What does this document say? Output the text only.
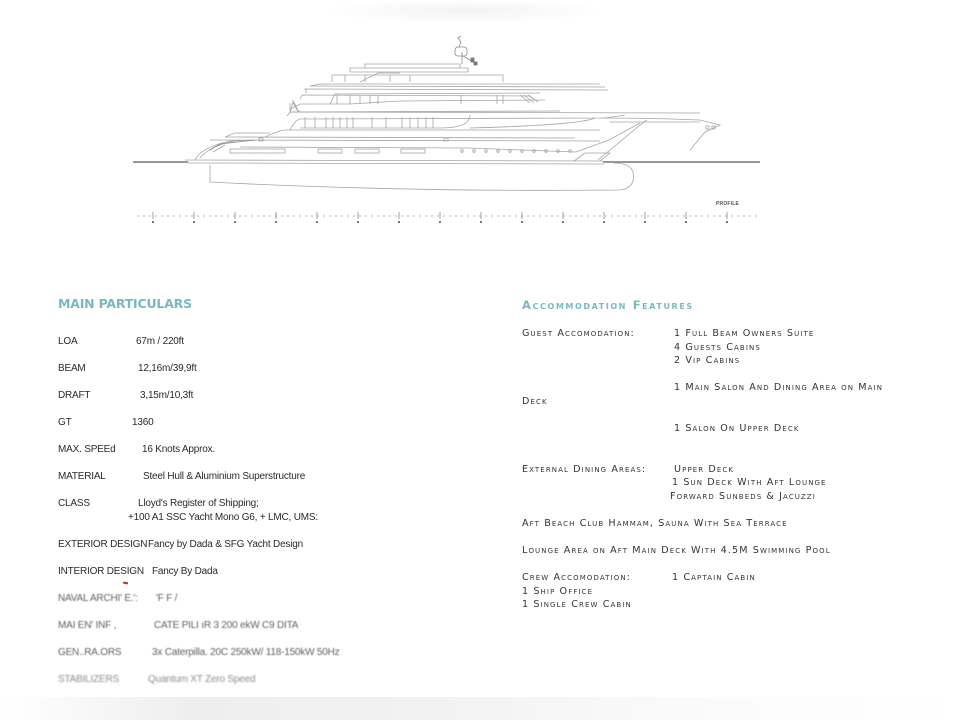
PROFILE
MAIN PARTICULARS
LOA	67m / 220ft
BEAM	12,16m/39,9ft
DRAFT	3,15m/10,3ft
GT	1360
MAX. SPEEd	16 Knots Approx.
MATERIAL	Steel Hull & Aluminium Superstructure
CLASS	Lloyd's Register of Shipping;
+100 A1 SSC Yacht Mono G6, + LMC, UMS:
EXTERIOR DESIGN Fancy by Dada & SFG Yacht Design
INTERIOR DESIGN Fancy By Dada
NAVAL ARCHI' E.': 'F F /
MAI EN' INF ,	CATE PILI ıR 3 200 ekW C9 DITA
GEN..RA.ORS	3x Caterpilla. 20C 250kW/ 118-150kW 50Hz
STABILIZERS	Quantum XT Zero Speed
Accommodation Features
Guest Accomodation:	1 Full Beam Owners Suite
4 Guests Cabins
2 Vip Cabins
1 Main Salon And Dining Area on Main
Deck
1 Salon On Upper Deck
External Dining Areas:	Upper Deck
1 Sun Deck With Aft Lounge
Forward Sunbeds & Jacuzzi
Aft Beach Club Hammam, Sauna With Sea Terrace
Lounge Area on Aft Main Deck With 4.5M Swimming Pool
Crew Accomodation:	1 Captain Cabin
1 Ship Office
1 Single Crew Cabin
